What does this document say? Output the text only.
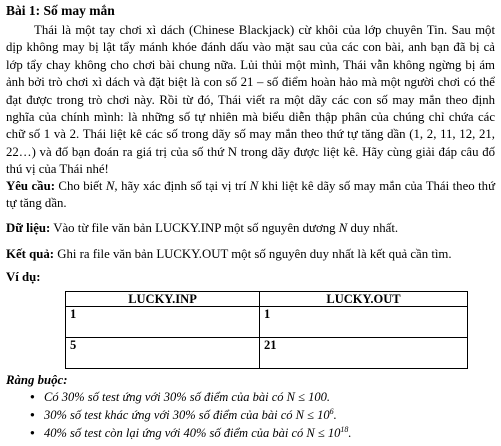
Bài 1: Số may mắn

Thái là một tay chơi xì dách (Chinese Blackjack) cừ khôi của lớp chuyên Tin. Sau một dịp không may bị lật tẩy mánh khóe đánh dấu vào mặt sau của các con bài, anh bạn đã bị cả lớp tẩy chay không cho chơi bài chung nữa. Lủi thủi một mình, Thái vẫn không ngừng bị ám ảnh bởi trò chơi xì dách và đặt biệt là con số 21 – số điểm hoàn hảo mà một người chơi có thể đạt được trong trò chơi này. Rồi từ đó, Thái viết ra một dãy các con số may mắn theo định nghĩa của chính mình: là những số tự nhiên mà biểu diễn thập phân của chúng chỉ chứa các chữ số 1 và 2. Thái liệt kê các số trong dãy số may mắn theo thứ tự tăng dần (1, 2, 11, 12, 21, 22…) và đố bạn đoán ra giá trị của số thứ N trong dãy được liệt kê. Hãy cùng giải đáp câu đố thú vị của Thái nhé!

Yêu cầu: Cho biết N, hãy xác định số tại vị trí N khi liệt kê dãy số may mắn của Thái theo thứ tự tăng dần.

Dữ liệu: Vào từ file văn bản LUCKY.INP một số nguyên dương N duy nhất.

Kết quả: Ghi ra file văn bản LUCKY.OUT một số nguyên duy nhất là kết quả cần tìm.

Ví dụ:

LUCKY.INP	LUCKY.OUT
1	1
5	21
Ràng buộc:
● Có 30% số test ứng với 30% số điểm của bài có N ≤ 100.
● 30% số test khác ứng với 30% số điểm của bài có $N \le 10^6$.
● 40% số test còn lại ứng với 40% số điểm của bài có $N \le 10^{18}$.
